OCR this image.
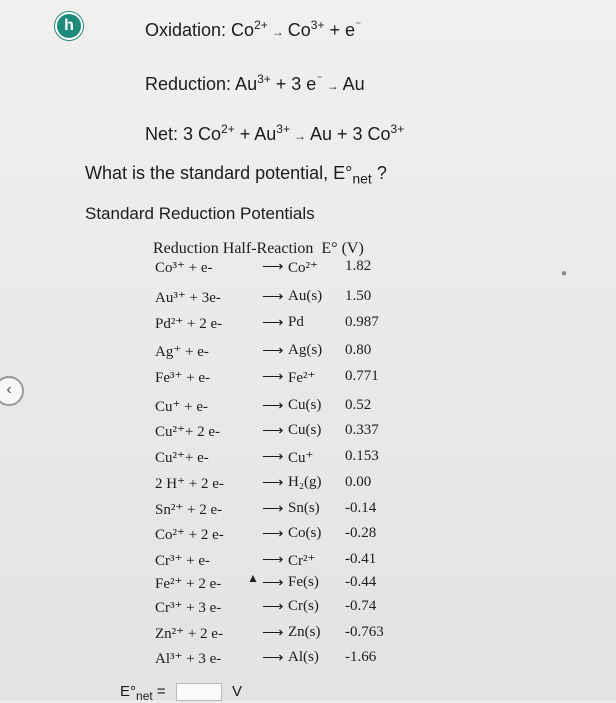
h	Oxidation: $Co^{2+} \to Co^{3+} + e^{^-}$
Reduction: $Au^{3+} + 3$ e⁻ → Au
Net: 3 $Co^{2+} + Au^{3+} \to Au + 3$ $Co^{3+}$
What is the standard potential, $E^\circ_{net}$ ?
Standard Reduction Potentials
Reduction Half-Reaction E° (V)
Co³⁺ + e-	⟶ Co²⁺ 1.82
Au³⁺ + 3e-	⟶ Au(s) 1.50
Pd²⁺ + 2 e-	⟶ Pd	0.987
Ag⁺ + e-	⟶ Ag(s) 0.80
Fe³⁺ + e-	⟶ Fe²⁺ 0.771
Cu⁺ + e-	⟶ Cu(s) 0.52
Cu²⁺+ 2 e-	⟶ Cu(s) 0.337
Cu²⁺+ e-	⟶ Cu⁺ 0.153
2 H⁺ + 2 e-	⟶ H₂(g) 0.00
Sn²⁺ + 2 e-	⟶ Sn(s) -0.14
Co²⁺ + 2 e-	⟶ Co(s) -0.28
Cr³⁺ + e-	⟶ Cr²⁺ -0.41
Fe²⁺ + 2 e-	⟶ Fe(s) -0.44
Cr³⁺ + 3 e-	⟶ Cr(s) -0.74
Zn²⁺ + 2 e-	⟶ Zn(s) -0.763
Al³⁺ + 3 e-	⟶ Al(s) -1.66
‹
●
▲
$E^\circ_{net}$ =	V
